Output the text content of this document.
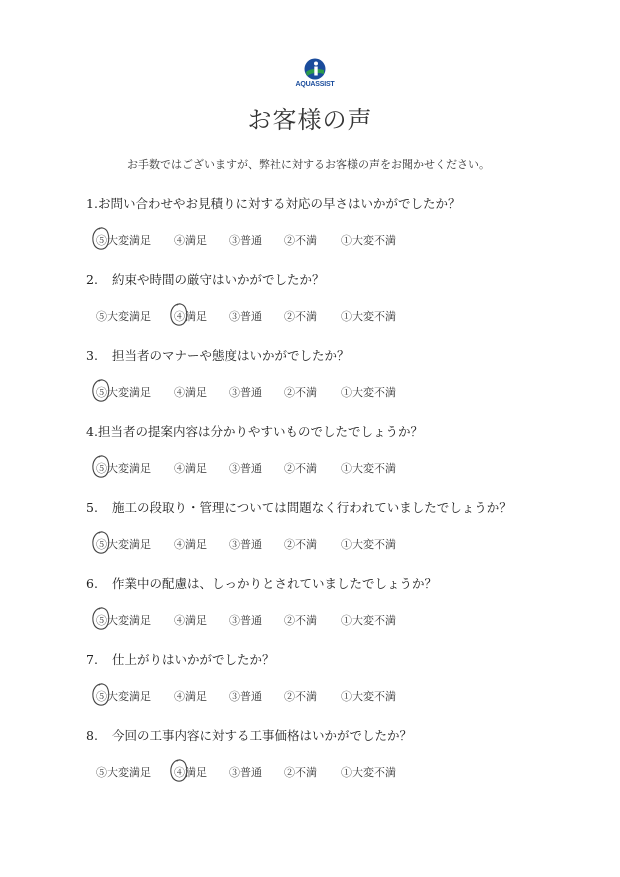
AQUASSIST
お客様の声
お手数ではございますが、弊社に対するお客様の声をお聞かせください。
1.お問い合わせやお見積りに対する対応の早さはいかがでしたか？
⑤大変満足 ④満足 ③普通 ②不満 ①大変不満
2. 約束や時間の厳守はいかがでしたか？
⑤大変満足 ④満足 ③普通 ②不満 ①大変不満
3. 担当者のマナーや態度はいかがでしたか？
⑤大変満足 ④満足 ③普通 ②不満 ①大変不満
4.担当者の提案内容は分かりやすいものでしたでしょうか？
⑤大変満足 ④満足 ③普通 ②不満 ①大変不満
5. 施工の段取り・管理については問題なく行われていましたでしょうか？
⑤大変満足 ④満足 ③普通 ②不満 ①大変不満
6. 作業中の配慮は、しっかりとされていましたでしょうか？
⑤大変満足 ④満足 ③普通 ②不満 ①大変不満
7. 仕上がりはいかがでしたか？
⑤大変満足 ④満足 ③普通 ②不満 ①大変不満
8. 今回の工事内容に対する工事価格はいかがでしたか？
⑤大変満足 ④満足 ③普通 ②不満 ①大変不満
